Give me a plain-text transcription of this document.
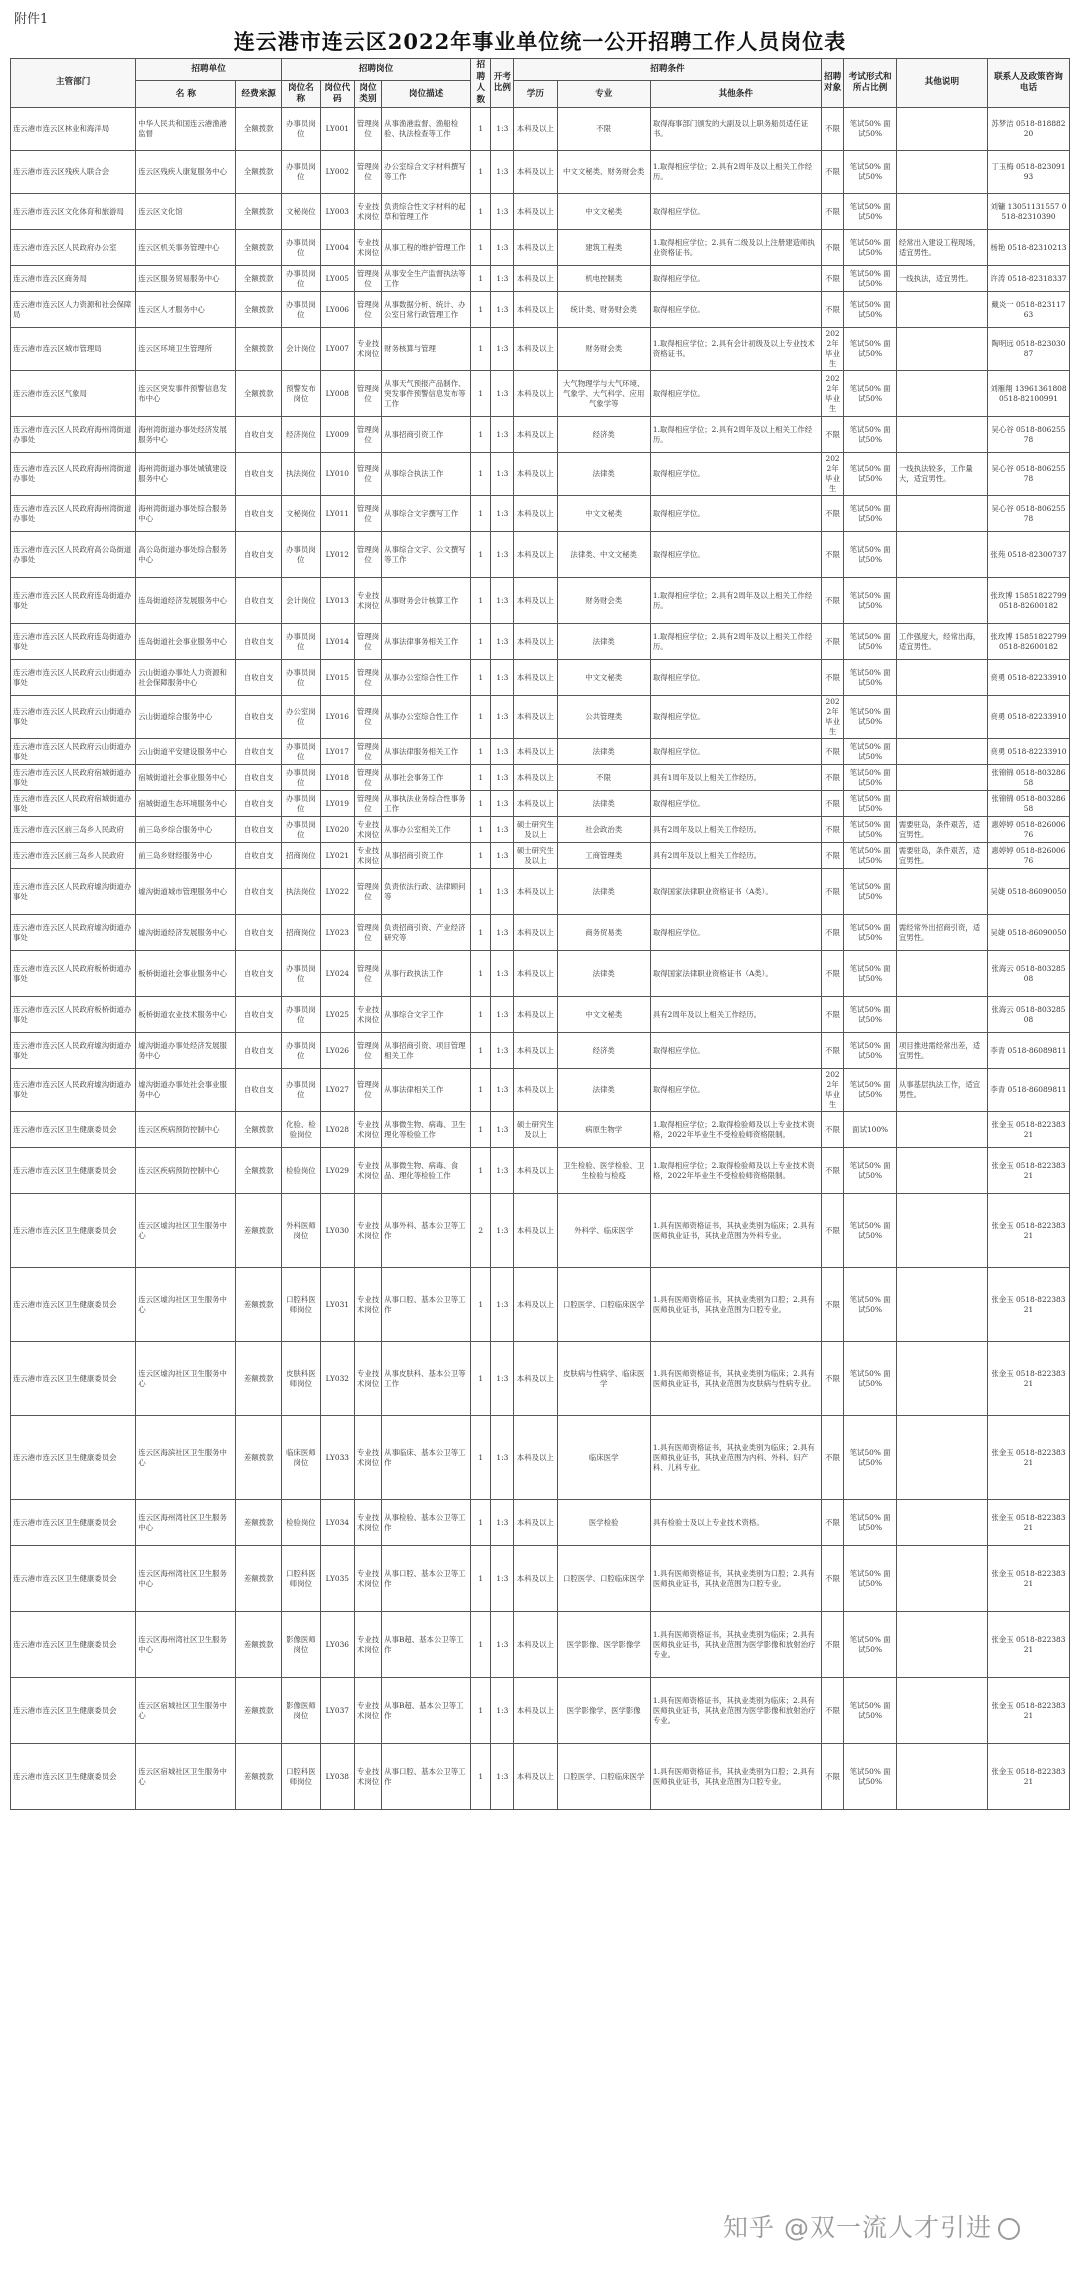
附件1
连云港市连云区2022年事业单位统一公开招聘工作人员岗位表
主管部门	招聘单位		招聘岗位				招聘人数	开考比例	招聘条件			招聘对象	考试形式和所占比例	其他说明	联系人及政策咨询电话
	名 称	经费来源	岗位名称	岗位代码	岗位类别	岗位描述			学历	专业	其他条件				
连云港市连云区林业和海洋局	中华人民共和国连云港渔港监督	全额拨款	办事员岗位	LY001	管理岗位	从事渔港监督、渔船检验、执法检查等工作	1	1:3	本科及以上	不限	取得海事部门颁发的大副及以上职务船员适任证书。	不限	笔试50% 面试50%		苏梦洁 0518-81888220
连云港市连云区残疾人联合会	连云区残疾人康复服务中心	全额拨款	办事员岗位	LY002	管理岗位	办公室综合文字材料撰写等工作	1	1:3	本科及以上	中文文秘类、财务财会类	1.取得相应学位；2.具有2周年及以上相关工作经历。	不限	笔试50% 面试50%		丁玉梅 0518-82309193
连云港市连云区文化体育和旅游局	连云区文化馆	全额拨款	文秘岗位	LY003	专业技术岗位	负责综合性文字材料的起草和管理工作	1	1:3	本科及以上	中文文秘类	取得相应学位。	不限	笔试50% 面试50%		刘镛 13051131557 0518-82310390
连云港市连云区人民政府办公室	连云区机关事务管理中心	全额拨款	办事员岗位	LY004	专业技术岗位	从事工程的维护管理工作	1	1:3	本科及以上	建筑工程类	1.取得相应学位；2.具有二级及以上注册建造师执业资格证书。	不限	笔试50% 面试50%	经常出入建设工程现场，适宜男性。	杨艳 0518-82310213
连云港市连云区商务局	连云区服务贸易服务中心	全额拨款	办事员岗位	LY005	管理岗位	从事安全生产监督执法等工作	1	1:3	本科及以上	机电控制类	取得相应学位。	不限	笔试50% 面试50%	一线执法，适宜男性。	许涛 0518-82318337
连云港市连云区人力资源和社会保障局	连云区人才服务中心	全额拨款	办事员岗位	LY006	管理岗位	从事数据分析、统计、办公室日常行政管理工作	1	1:3	本科及以上	统计类、财务财会类	取得相应学位。	不限	笔试50% 面试50%		戴炎一 0518-82311763
连云港市连云区城市管理局	连云区环境卫生管理所	全额拨款	会计岗位	LY007	专业技术岗位	财务核算与管理	1	1:3	本科及以上	财务财会类	1.取得相应学位；2.具有会计初级及以上专业技术资格证书。	2022年毕业生	笔试50% 面试50%		陶明远 0518-82303087
连云港市连云区气象局	连云区突发事件预警信息发布中心	全额拨款	预警发布岗位	LY008	管理岗位	从事天气预报产品制作、突发事件预警信息发布等工作	1	1:3	本科及以上	大气物理学与大气环境、气象学、大气科学、应用气象学等	取得相应学位。	2022年毕业生	笔试50% 面试50%		刘雁翔 13961361808 0518-82100991
连云港市连云区人民政府海州湾街道办事处	海州湾街道办事处经济发展服务中心	自收自支	经济岗位	LY009	管理岗位	从事招商引资工作	1	1:3	本科及以上	经济类	1.取得相应学位；2.具有2周年及以上相关工作经历。	不限	笔试50% 面试50%		吴心谷 0518-80625578
连云港市连云区人民政府海州湾街道办事处	海州湾街道办事处城镇建设服务中心	自收自支	执法岗位	LY010	管理岗位	从事综合执法工作	1	1:3	本科及以上	法律类	取得相应学位。	2022年毕业生	笔试50% 面试50%	一线执法较多，工作量大，适宜男性。	吴心谷 0518-80625578
连云港市连云区人民政府海州湾街道办事处	海州湾街道办事处综合服务中心	自收自支	文秘岗位	LY011	管理岗位	从事综合文字撰写工作	1	1:3	本科及以上	中文文秘类	取得相应学位。	不限	笔试50% 面试50%		吴心谷 0518-80625578
连云港市连云区人民政府高公岛街道办事处	高公岛街道办事处综合服务中心	自收自支	办事员岗位	LY012	管理岗位	从事综合文字、公文撰写等工作	1	1:3	本科及以上	法律类、中文文秘类	取得相应学位。	不限	笔试50% 面试50%		张苑 0518-82300737
连云港市连云区人民政府连岛街道办事处	连岛街道经济发展服务中心	自收自支	会计岗位	LY013	专业技术岗位	从事财务会计核算工作	1	1:3	本科及以上	财务财会类	1.取得相应学位；2.具有2周年及以上相关工作经历。	不限	笔试50% 面试50%		张玫博 15851822799 0518-82600182
连云港市连云区人民政府连岛街道办事处	连岛街道社会事业服务中心	自收自支	办事员岗位	LY014	管理岗位	从事法律事务相关工作	1	1:3	本科及以上	法律类	1.取得相应学位；2.具有2周年及以上相关工作经历。	不限	笔试50% 面试50%	工作强度大，经常出海，适宜男性。	张玫博 15851822799 0518-82600182
连云港市连云区人民政府云山街道办事处	云山街道办事处人力资源和社会保障服务中心	自收自支	办事员岗位	LY015	管理岗位	从事办公室综合性工作	1	1:3	本科及以上	中文文秘类	取得相应学位。	不限	笔试50% 面试50%		贲勇 0518-82233910
连云港市连云区人民政府云山街道办事处	云山街道综合服务中心	自收自支	办公室岗位	LY016	管理岗位	从事办公室综合性工作	1	1:3	本科及以上	公共管理类	取得相应学位。	2022年毕业生	笔试50% 面试50%		贲勇 0518-82233910
连云港市连云区人民政府云山街道办事处	云山街道平安建设服务中心	自收自支	办事员岗位	LY017	管理岗位	从事法律服务相关工作	1	1:3	本科及以上	法律类	取得相应学位。	不限	笔试50% 面试50%		贲勇 0518-82233910
连云港市连云区人民政府宿城街道办事处	宿城街道社会事业服务中心	自收自支	办事员岗位	LY018	管理岗位	从事社会事务工作	1	1:3	本科及以上	不限	具有1周年及以上相关工作经历。	不限	笔试50% 面试50%		张锦锦 0518-80328658
连云港市连云区人民政府宿城街道办事处	宿城街道生态环境服务中心	自收自支	办事员岗位	LY019	管理岗位	从事执法业务综合性事务工作	1	1:3	本科及以上	法律类	取得相应学位。	不限	笔试50% 面试50%		张锦锦 0518-80328658
连云港市连云区前三岛乡人民政府	前三岛乡综合服务中心	自收自支	办事员岗位	LY020	专业技术岗位	从事办公室相关工作	1	1:3	硕士研究生及以上	社会政治类	具有2周年及以上相关工作经历。	不限	笔试50% 面试50%	需要驻岛，条件艰苦，适宜男性。	惠婷婷 0518-82600676
连云港市连云区前三岛乡人民政府	前三岛乡财经服务中心	自收自支	招商岗位	LY021	专业技术岗位	从事招商引资工作	1	1:3	硕士研究生及以上	工商管理类	具有2周年及以上相关工作经历。	不限	笔试50% 面试50%	需要驻岛，条件艰苦，适宜男性。	惠婷婷 0518-82600676
连云港市连云区人民政府墟沟街道办事处	墟沟街道城市管理服务中心	自收自支	执法岗位	LY022	管理岗位	负责依法行政、法律顾问等	1	1:3	本科及以上	法律类	取得国家法律职业资格证书（A类）。	不限	笔试50% 面试50%		吴婕 0518-86090050
连云港市连云区人民政府墟沟街道办事处	墟沟街道经济发展服务中心	自收自支	招商岗位	LY023	管理岗位	负责招商引资、产业经济研究等	1	1:3	本科及以上	商务贸易类	取得相应学位。	不限	笔试50% 面试50%	需经常外出招商引资，适宜男性。	吴婕 0518-86090050
连云港市连云区人民政府板桥街道办事处	板桥街道社会事业服务中心	自收自支	办事员岗位	LY024	管理岗位	从事行政执法工作	1	1:3	本科及以上	法律类	取得国家法律职业资格证书（A类）。	不限	笔试50% 面试50%		张海云 0518-80328508
连云港市连云区人民政府板桥街道办事处	板桥街道农业技术服务中心	自收自支	办事员岗位	LY025	专业技术岗位	从事综合文字工作	1	1:3	本科及以上	中文文秘类	具有2周年及以上相关工作经历。	不限	笔试50% 面试50%		张海云 0518-80328508
连云港市连云区人民政府墟沟街道办事处	墟沟街道办事处经济发展服务中心	自收自支	办事员岗位	LY026	管理岗位	从事招商引资、项目管理相关工作	1	1:3	本科及以上	经济类	取得相应学位。	不限	笔试50% 面试50%	项目推进需经常出差，适宜男性。	李青 0518-86089811
连云港市连云区人民政府墟沟街道办事处	墟沟街道办事处社会事业服务中心	自收自支	办事员岗位	LY027	管理岗位	从事法律相关工作	1	1:3	本科及以上	法律类	取得相应学位。	2022年毕业生	笔试50% 面试50%	从事基层执法工作，适宜男性。	李青 0518-86089811
连云港市连云区卫生健康委员会	连云区疾病预防控制中心	全额拨款	化验、检验岗位	LY028	专业技术岗位	从事微生物、病毒、卫生理化等检验工作	1	1:3	硕士研究生及以上	病原生物学	1.取得相应学位；2.取得检验师及以上专业技术资格，2022年毕业生不受检验师资格限制。	不限	面试100%		张金玉 0518-82238321
连云港市连云区卫生健康委员会	连云区疾病预防控制中心	全额拨款	检验岗位	LY029	专业技术岗位	从事微生物、病毒、食品、理化等检验工作	1	1:3	本科及以上	卫生检验、医学检验、卫生检验与检疫	1.取得相应学位；2.取得检验师及以上专业技术资格，2022年毕业生不受检验师资格限制。	不限	笔试50% 面试50%		张金玉 0518-82238321
连云港市连云区卫生健康委员会	连云区墟沟社区卫生服务中心	差额拨款	外科医师岗位	LY030	专业技术岗位	从事外科、基本公卫等工作	2	1:3	本科及以上	外科学、临床医学	1.具有医师资格证书，其执业类别为临床；2.具有医师执业证书，其执业范围为外科专业。	不限	笔试50% 面试50%		张金玉 0518-82238321
连云港市连云区卫生健康委员会	连云区墟沟社区卫生服务中心	差额拨款	口腔科医师岗位	LY031	专业技术岗位	从事口腔、基本公卫等工作	1	1:3	本科及以上	口腔医学、口腔临床医学	1.具有医师资格证书，其执业类别为口腔；2.具有医师执业证书，其执业范围为口腔专业。	不限	笔试50% 面试50%		张金玉 0518-82238321
连云港市连云区卫生健康委员会	连云区墟沟社区卫生服务中心	差额拨款	皮肤科医师岗位	LY032	专业技术岗位	从事皮肤科、基本公卫等工作	1	1:3	本科及以上	皮肤病与性病学、临床医学	1.具有医师资格证书，其执业类别为临床；2.具有医师执业证书，其执业范围为皮肤病与性病专业。	不限	笔试50% 面试50%		张金玉 0518-82238321
连云港市连云区卫生健康委员会	连云区海滨社区卫生服务中心	差额拨款	临床医师岗位	LY033	专业技术岗位	从事临床、基本公卫等工作	1	1:3	本科及以上	临床医学	1.具有医师资格证书，其执业类别为临床；2.具有医师执业证书，其执业范围为内科、外科、妇产科、儿科专业。	不限	笔试50% 面试50%		张金玉 0518-82238321
连云港市连云区卫生健康委员会	连云区海州湾社区卫生服务中心	差额拨款	检验岗位	LY034	专业技术岗位	从事检验、基本公卫等工作	1	1:3	本科及以上	医学检验	具有检验士及以上专业技术资格。	不限	笔试50% 面试50%		张金玉 0518-82238321
连云港市连云区卫生健康委员会	连云区海州湾社区卫生服务中心	差额拨款	口腔科医师岗位	LY035	专业技术岗位	从事口腔、基本公卫等工作	1	1:3	本科及以上	口腔医学、口腔临床医学	1.具有医师资格证书，其执业类别为口腔；2.具有医师执业证书，其执业范围为口腔专业。	不限	笔试50% 面试50%		张金玉 0518-82238321
连云港市连云区卫生健康委员会	连云区海州湾社区卫生服务中心	差额拨款	影像医师岗位	LY036	专业技术岗位	从事B超、基本公卫等工作	1	1:3	本科及以上	医学影像、医学影像学	1.具有医师资格证书，其执业类别为临床；2.具有医师执业证书，其执业范围为医学影像和放射治疗专业。	不限	笔试50% 面试50%		张金玉 0518-82238321
连云港市连云区卫生健康委员会	连云区宿城社区卫生服务中心	差额拨款	影像医师岗位	LY037	专业技术岗位	从事B超、基本公卫等工作	1	1:3	本科及以上	医学影像学、医学影像	1.具有医师资格证书，其执业类别为临床；2.具有医师执业证书，其执业范围为医学影像和放射治疗专业。	不限	笔试50% 面试50%		张金玉 0518-82238321
连云港市连云区卫生健康委员会	连云区宿城社区卫生服务中心	差额拨款	口腔科医师岗位	LY038	专业技术岗位	从事口腔、基本公卫等工作	1	1:3	本科及以上	口腔医学、口腔临床医学	1.具有医师资格证书，其执业类别为口腔；2.具有医师执业证书，其执业范围为口腔专业。	不限	笔试50% 面试50%		张金玉 0518-82238321
知乎 @双一流人才引进
